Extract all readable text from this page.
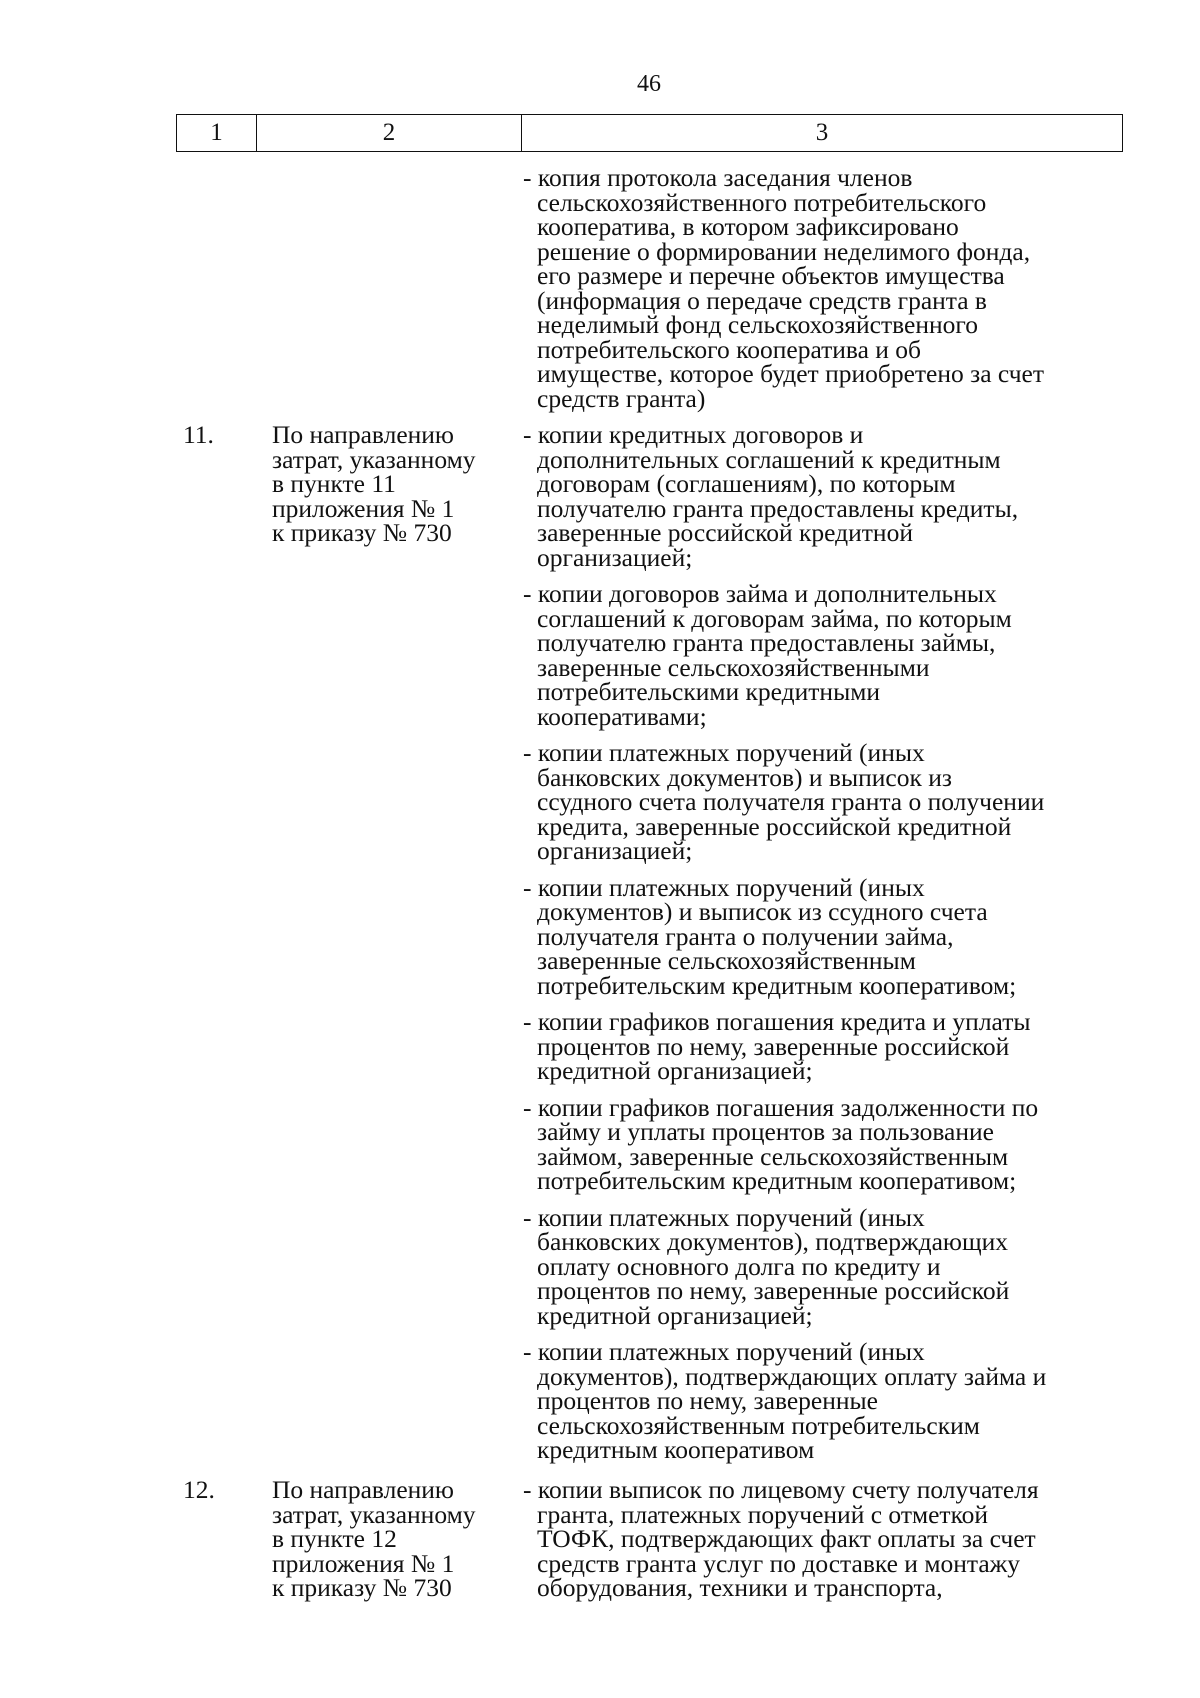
46
1	2	3
- копия протокола заседания членов
сельскохозяйственного потребительского
кооператива, в котором зафиксировано
решение о формировании неделимого фонда,
его размере и перечне объектов имущества
(информация о передаче средств гранта в
неделимый фонд сельскохозяйственного
потребительского кооператива и об
имуществе, которое будет приобретено за счет
средств гранта)
11. По направлению
затрат, указанному
в пункте 11
приложения № 1
к приказу № 730
- копии кредитных договоров и
дополнительных соглашений к кредитным
договорам (соглашениям), по которым
получателю гранта предоставлены кредиты,
заверенные российской кредитной
организацией;
- копии договоров займа и дополнительных
соглашений к договорам займа, по которым
получателю гранта предоставлены займы,
заверенные сельскохозяйственными
потребительскими кредитными
кооперативами;
- копии платежных поручений (иных
банковских документов) и выписок из
ссудного счета получателя гранта о получении
кредита, заверенные российской кредитной
организацией;
- копии платежных поручений (иных
документов) и выписок из ссудного счета
получателя гранта о получении займа,
заверенные сельскохозяйственным
потребительским кредитным кооперативом;
- копии графиков погашения кредита и уплаты
процентов по нему, заверенные российской
кредитной организацией;
- копии графиков погашения задолженности по
займу и уплаты процентов за пользование
займом, заверенные сельскохозяйственным
потребительским кредитным кооперативом;
- копии платежных поручений (иных
банковских документов), подтверждающих
оплату основного долга по кредиту и
процентов по нему, заверенные российской
кредитной организацией;
- копии платежных поручений (иных
документов), подтверждающих оплату займа и
процентов по нему, заверенные
сельскохозяйственным потребительским
кредитным кооперативом
12. По направлению
затрат, указанному
в пункте 12
приложения № 1
к приказу № 730
- копии выписок по лицевому счету получателя
гранта, платежных поручений с отметкой
ТОФК, подтверждающих факт оплаты за счет
средств гранта услуг по доставке и монтажу
оборудования, техники и транспорта,
